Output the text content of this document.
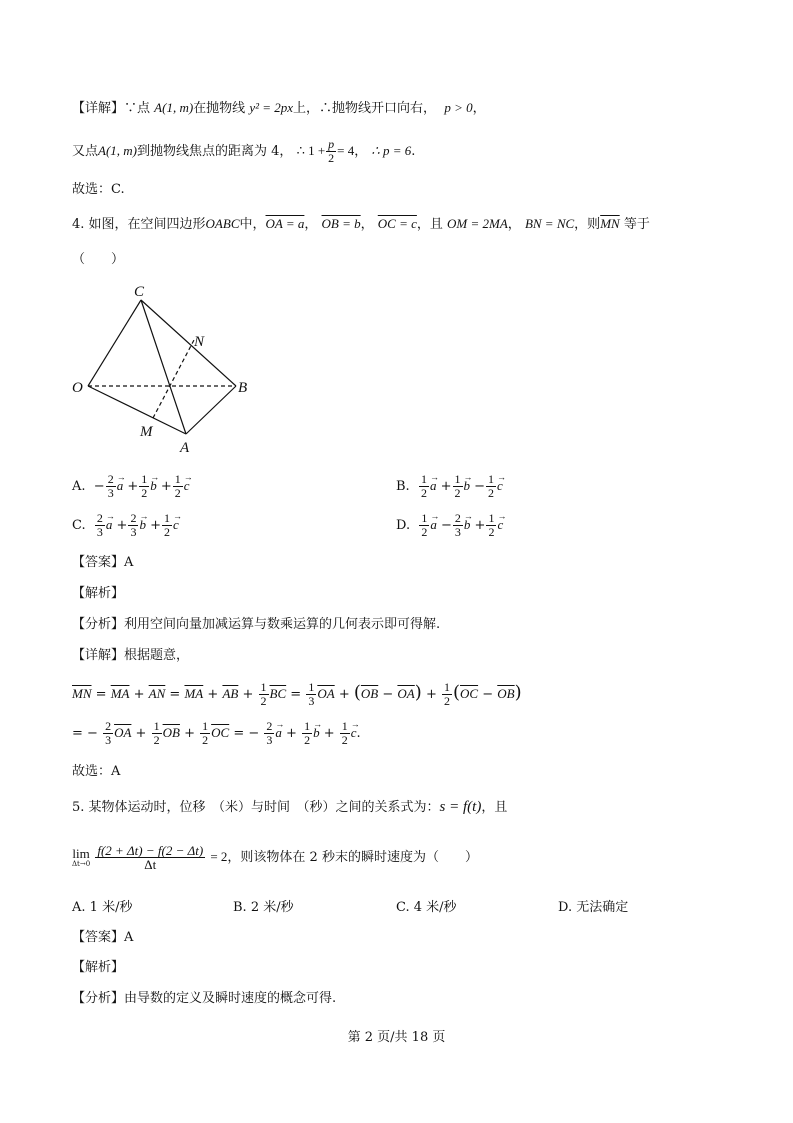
【详解】∵点 A(1, m)在抛物线 y² = 2px上，∴抛物线开口向右， p > 0，
又点A(1, m)到抛物线焦点的距离为 4， ∴ $1 + \frac{p}{2} = 4$， ∴ p = 6.
故选：C.
4. 如图，在空间四边形OABC中，OA = a， OB = b， OC = c，且 OM = 2MA， BN = NC，则$\overline{MN}$ 等于
（　　）
C
N
O	B
M
A
A. − $\frac{2}{3} \to a + \frac{1}{2} \to b + \frac{1}{2} \to c$	B. $\frac{1}{2} \to a + \frac{1}{2} \to b - \frac{1}{2} \to c$
C. $\frac{2}{3} \to a + \frac{2}{3} \to b + \frac{1}{2} \to c$	D. $\frac{1}{2} \to a - \frac{2}{3} \to b + \frac{1}{2} \to c$
【答案】A
【解析】
【分析】利用空间向量加减运算与数乘运算的几何表示即可得解.
【详解】根据题意，
$\overline{MN} = \overline{MA} + \overline{AN} = \overline{MA} + \overline{AB} + \frac{1}{2} \overline{BC} = \frac{1}{3} \overline{OA} + (\overline{OB} - \overline{OA}) + \frac{1}{2} (\overline{OC} - \overline{OB})$
= − $\frac{2}{3} \overline{OA} + \frac{1}{2} \overline{OB} + \frac{1}{2} \overline{OC}$ = − $\frac{2}{3} \to a + \frac{1}{2} \to b + \frac{1}{2} \to c$.
故选：A
5. 某物体运动时，位移　（米）与时间　（秒）之间的关系式为：s = f(t)，且
lim
Δt→0
$\frac{f(2 + \Delta t) - f(2 - \Delta t)}{\Delta t} = 2$，则该物体在 2 秒末的瞬时速度为（　　）
A. 1 米/秒	B. 2 米/秒	C. 4 米/秒	D. 无法确定
【答案】A
【解析】
【分析】由导数的定义及瞬时速度的概念可得.
第 2 页/共 18 页
